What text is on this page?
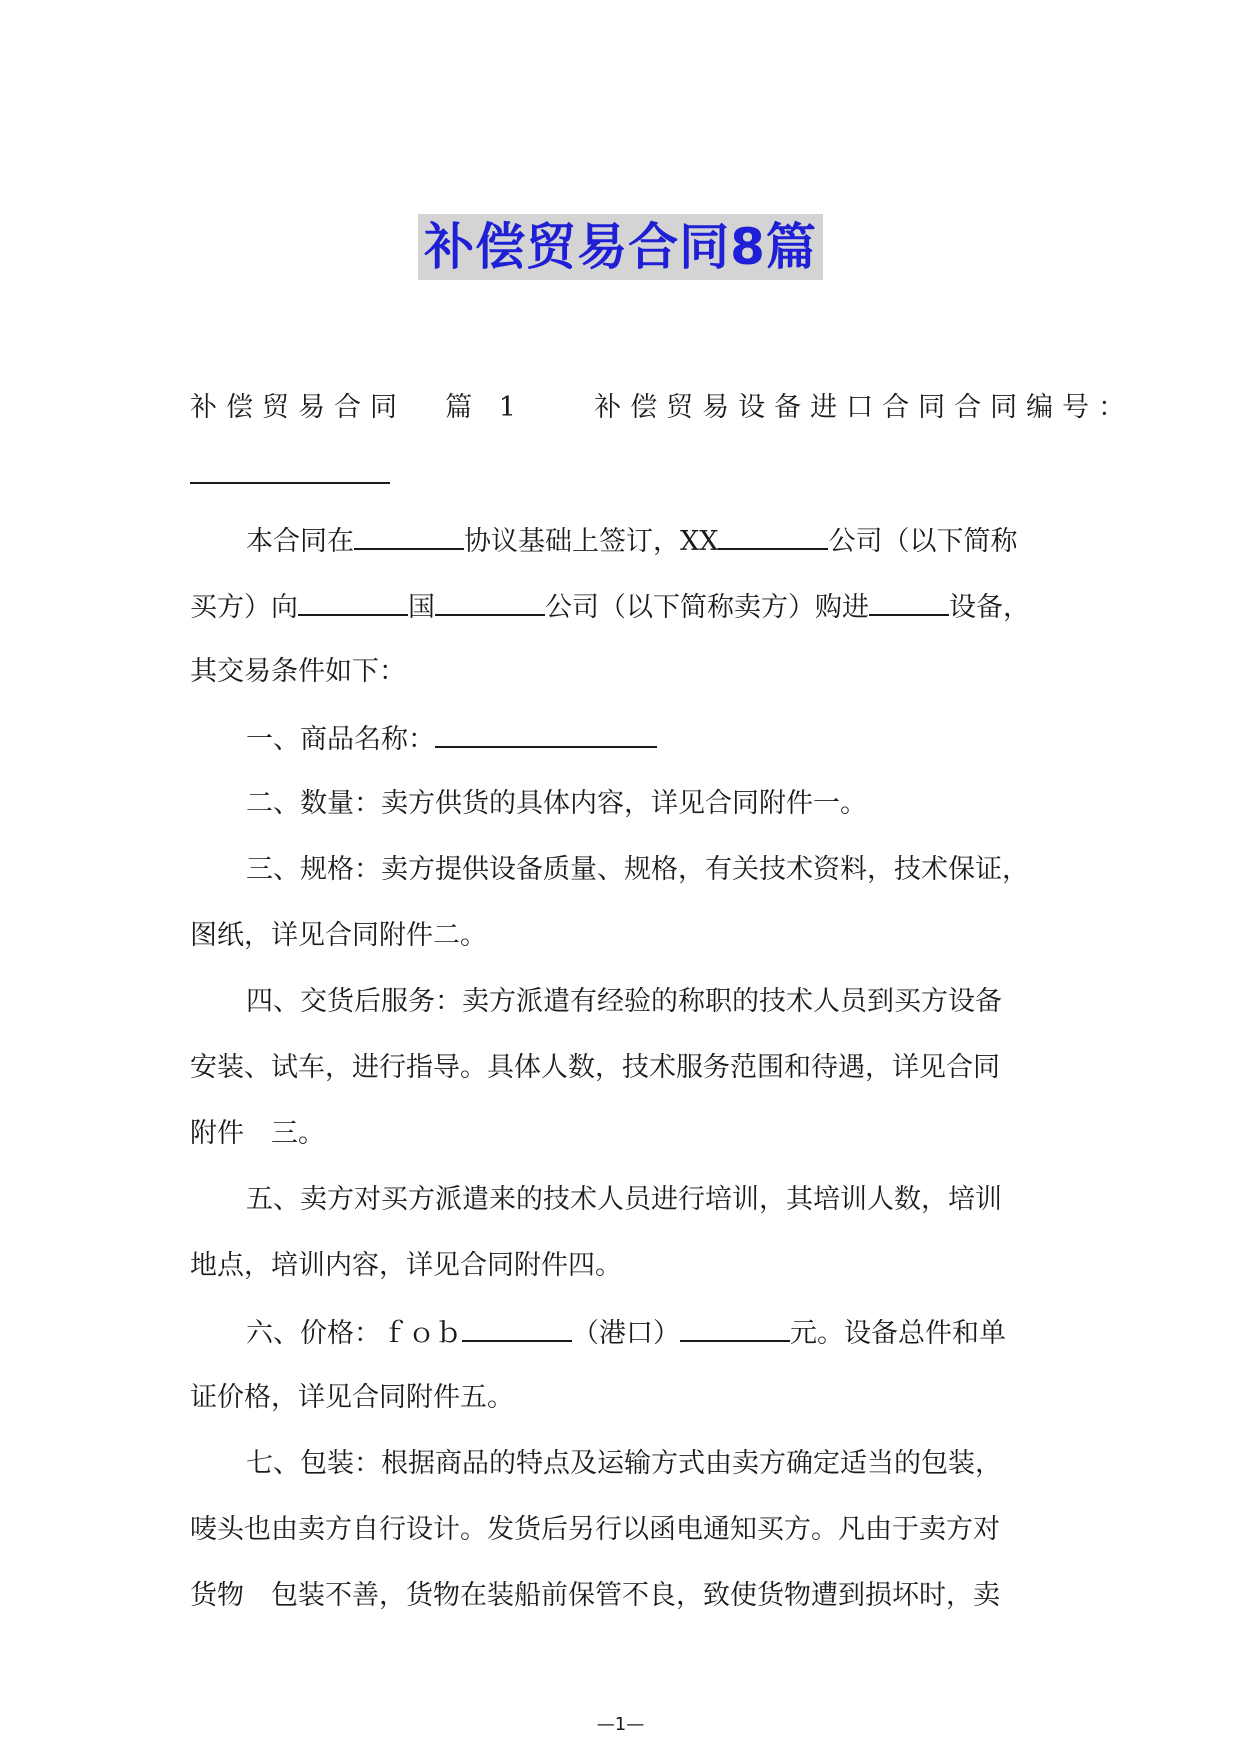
补偿贸易合同8篇
补偿贸易合同 篇 1	补偿贸易设备进口合同合同编号：
本合同在	协议基础上签订，XX	公司（以下简称
买方）向	国	公司（以下简称卖方）购进	设备，
其交易条件如下：
一、商品名称：
二、数量：卖方供货的具体内容，详见合同附件一。
三、规格：卖方提供设备质量、规格，有关技术资料，技术保证，
图纸，详见合同附件二。
四、交货后服务：卖方派遣有经验的称职的技术人员到买方设备
安装、试车，进行指导。具体人数，技术服务范围和待遇，详见合同
附件　三。
五、卖方对买方派遣来的技术人员进行培训，其培训人数，培训
地点，培训内容，详见合同附件四。
六、价格：ｆｏｂ	（港口）	元。设备总件和单
证价格，详见合同附件五。
七、包装：根据商品的特点及运输方式由卖方确定适当的包装，
唛头也由卖方自行设计。发货后另行以函电通知买方。凡由于卖方对
货物　包装不善，货物在装船前保管不良，致使货物遭到损坏时，卖
—1—
